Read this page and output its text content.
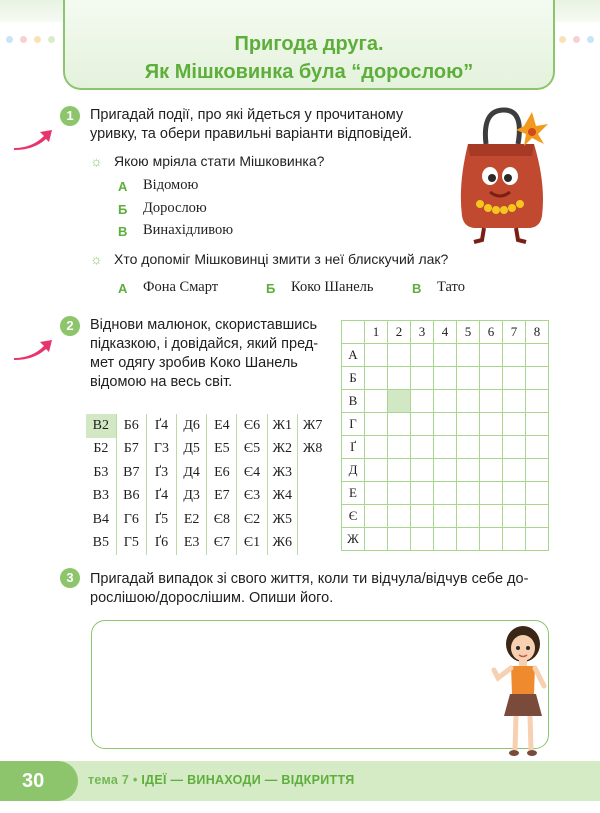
Пригода друга.
Як Мішковинка була “дорослою”
1	Пригадай події, про які йдеться у прочитаному
уривку, та обери правильні варіанти відповідей.
☼ Якою мріяла стати Мішковинка?
А Відомою
Б Дорослою
В Винахідливою
☼ Хто допоміг Мішковинці змити з неї блискучий лак?
А Фона Смарт	Б Коко Шанель	В Тато
2	Віднови малюнок, скориставшись
підказкою, і довідайся, який пред-
мет одягу зробив Коко Шанель
відомою на весь світ.
В2	Б6	Ґ4	Д6	Е4	Є6	Ж1	Ж7
Б2	Б7	Г3	Д5	Е5	Є5	Ж2	Ж8
Б3	В7	Ґ3	Д4	Е6	Є4	Ж3	
В3	В6	Ґ4	Д3	Е7	Є3	Ж4	
В4	Г6	Ґ5	Е2	Є8	Є2	Ж5	
В5	Г5	Ґ6	Е3	Є7	Є1	Ж6	
	1	2	3	4	5	6	7	8
А								
Б								
В								
Г								
Ґ								
Д								
Е								
Є								
Ж								
3	Пригадай випадок зі свого життя, коли ти відчула/відчув себе до-
рослішою/дорослішим. Опиши його.
30	тема 7 • ІДЕЇ — ВИНАХОДИ — ВІДКРИТТЯ
